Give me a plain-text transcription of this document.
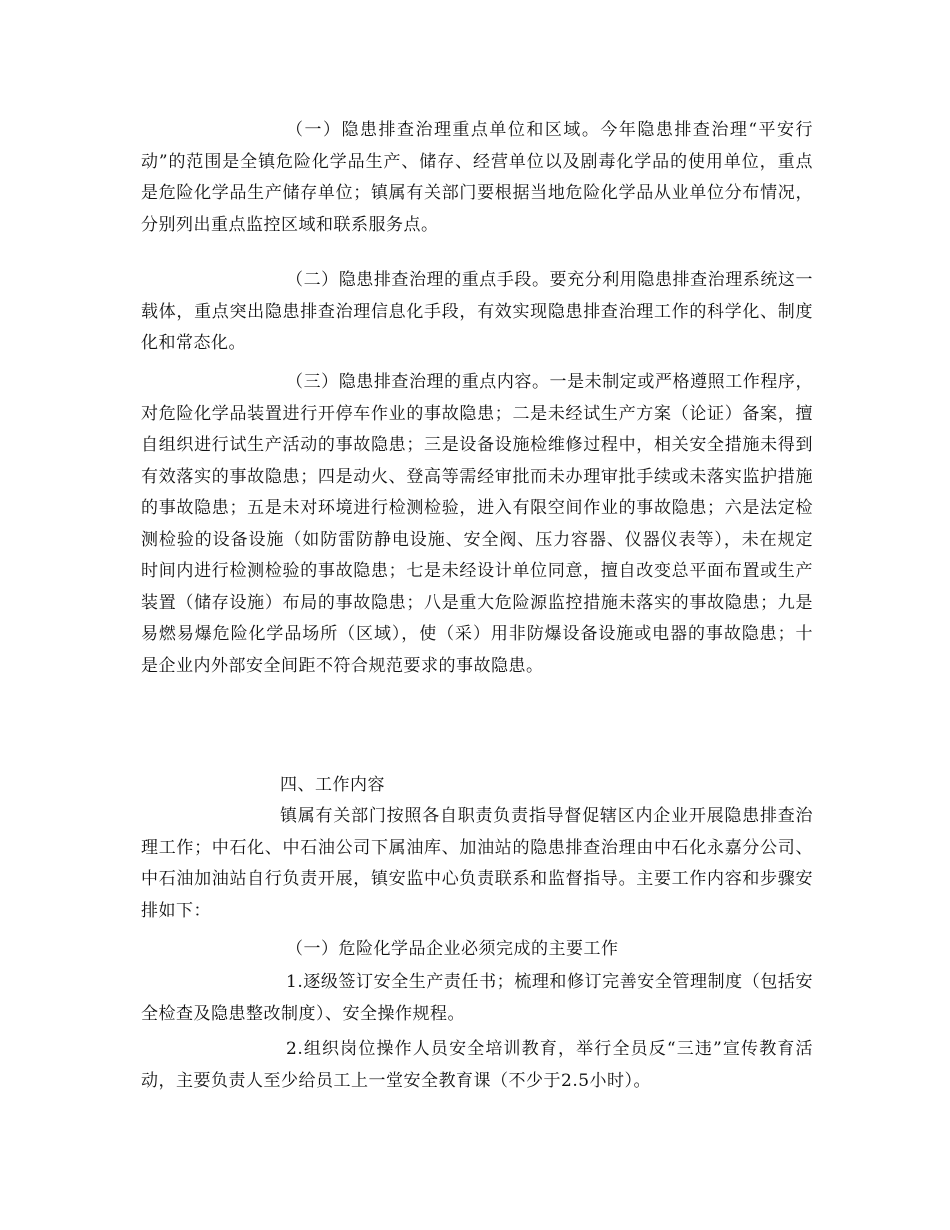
（一）隐患排查治理重点单位和区域。今年隐患排查治理“平安行动”的范围是全镇危险化学品生产、储存、经营单位以及剧毒化学品的使用单位，重点是危险化学品生产储存单位；镇属有关部门要根据当地危险化学品从业单位分布情况，分别列出重点监控区域和联系服务点。

（二）隐患排查治理的重点手段。要充分利用隐患排查治理系统这一载体，重点突出隐患排查治理信息化手段，有效实现隐患排查治理工作的科学化、制度化和常态化。

（三）隐患排查治理的重点内容。一是未制定或严格遵照工作程序，对危险化学品装置进行开停车作业的事故隐患；二是未经试生产方案（论证）备案，擅自组织进行试生产活动的事故隐患；三是设备设施检维修过程中，相关安全措施未得到有效落实的事故隐患；四是动火、登高等需经审批而未办理审批手续或未落实监护措施的事故隐患；五是未对环境进行检测检验，进入有限空间作业的事故隐患；六是法定检测检验的设备设施（如防雷防静电设施、安全阀、压力容器、仪器仪表等），未在规定时间内进行检测检验的事故隐患；七是未经设计单位同意，擅自改变总平面布置或生产装置（储存设施）布局的事故隐患；八是重大危险源监控措施未落实的事故隐患；九是易燃易爆危险化学品场所（区域），使（采）用非防爆设备设施或电器的事故隐患；十是企业内外部安全间距不符合规范要求的事故隐患。

四、工作内容

镇属有关部门按照各自职责负责指导督促辖区内企业开展隐患排查治理工作；中石化、中石油公司下属油库、加油站的隐患排查治理由中石化永嘉分公司、中石油加油站自行负责开展，镇安监中心负责联系和监督指导。主要工作内容和步骤安排如下：

（一）危险化学品企业必须完成的主要工作

1.逐级签订安全生产责任书；梳理和修订完善安全管理制度（包括安全检查及隐患整改制度）、安全操作规程。

2.组织岗位操作人员安全培训教育，举行全员反“三违”宣传教育活动，主要负责人至少给员工上一堂安全教育课（不少于2.5小时）。
